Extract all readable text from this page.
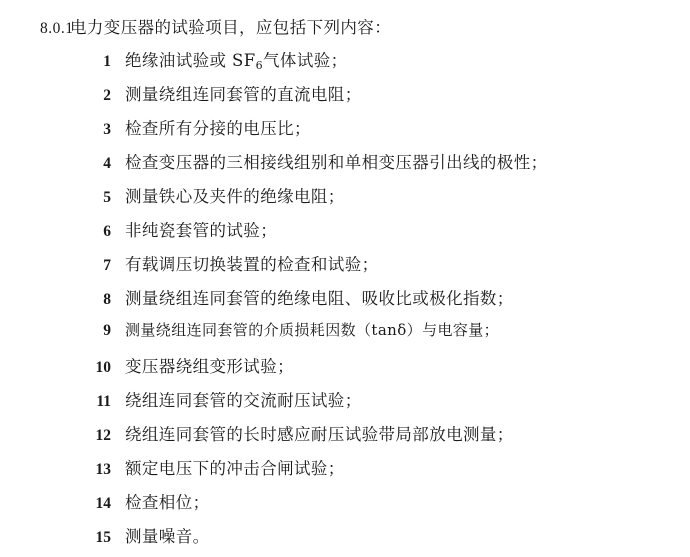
8.0.1
电力变压器的试验项目，应包括下列内容：
1 绝缘油试验或 $SF_6$气体试验；
2 测量绕组连同套管的直流电阻；
3 检查所有分接的电压比；
4 检查变压器的三相接线组别和单相变压器引出线的极性；
5 测量铁心及夹件的绝缘电阻；
6 非纯瓷套管的试验；
7 有载调压切换装置的检查和试验；
8 测量绕组连同套管的绝缘电阻、吸收比或极化指数；
9 测量绕组连同套管的介质损耗因数（tanδ）与电容量；
10 变压器绕组变形试验；
11 绕组连同套管的交流耐压试验；
12 绕组连同套管的长时感应耐压试验带局部放电测量；
13 额定电压下的冲击合闸试验；
14 检查相位；
15 测量噪音。
